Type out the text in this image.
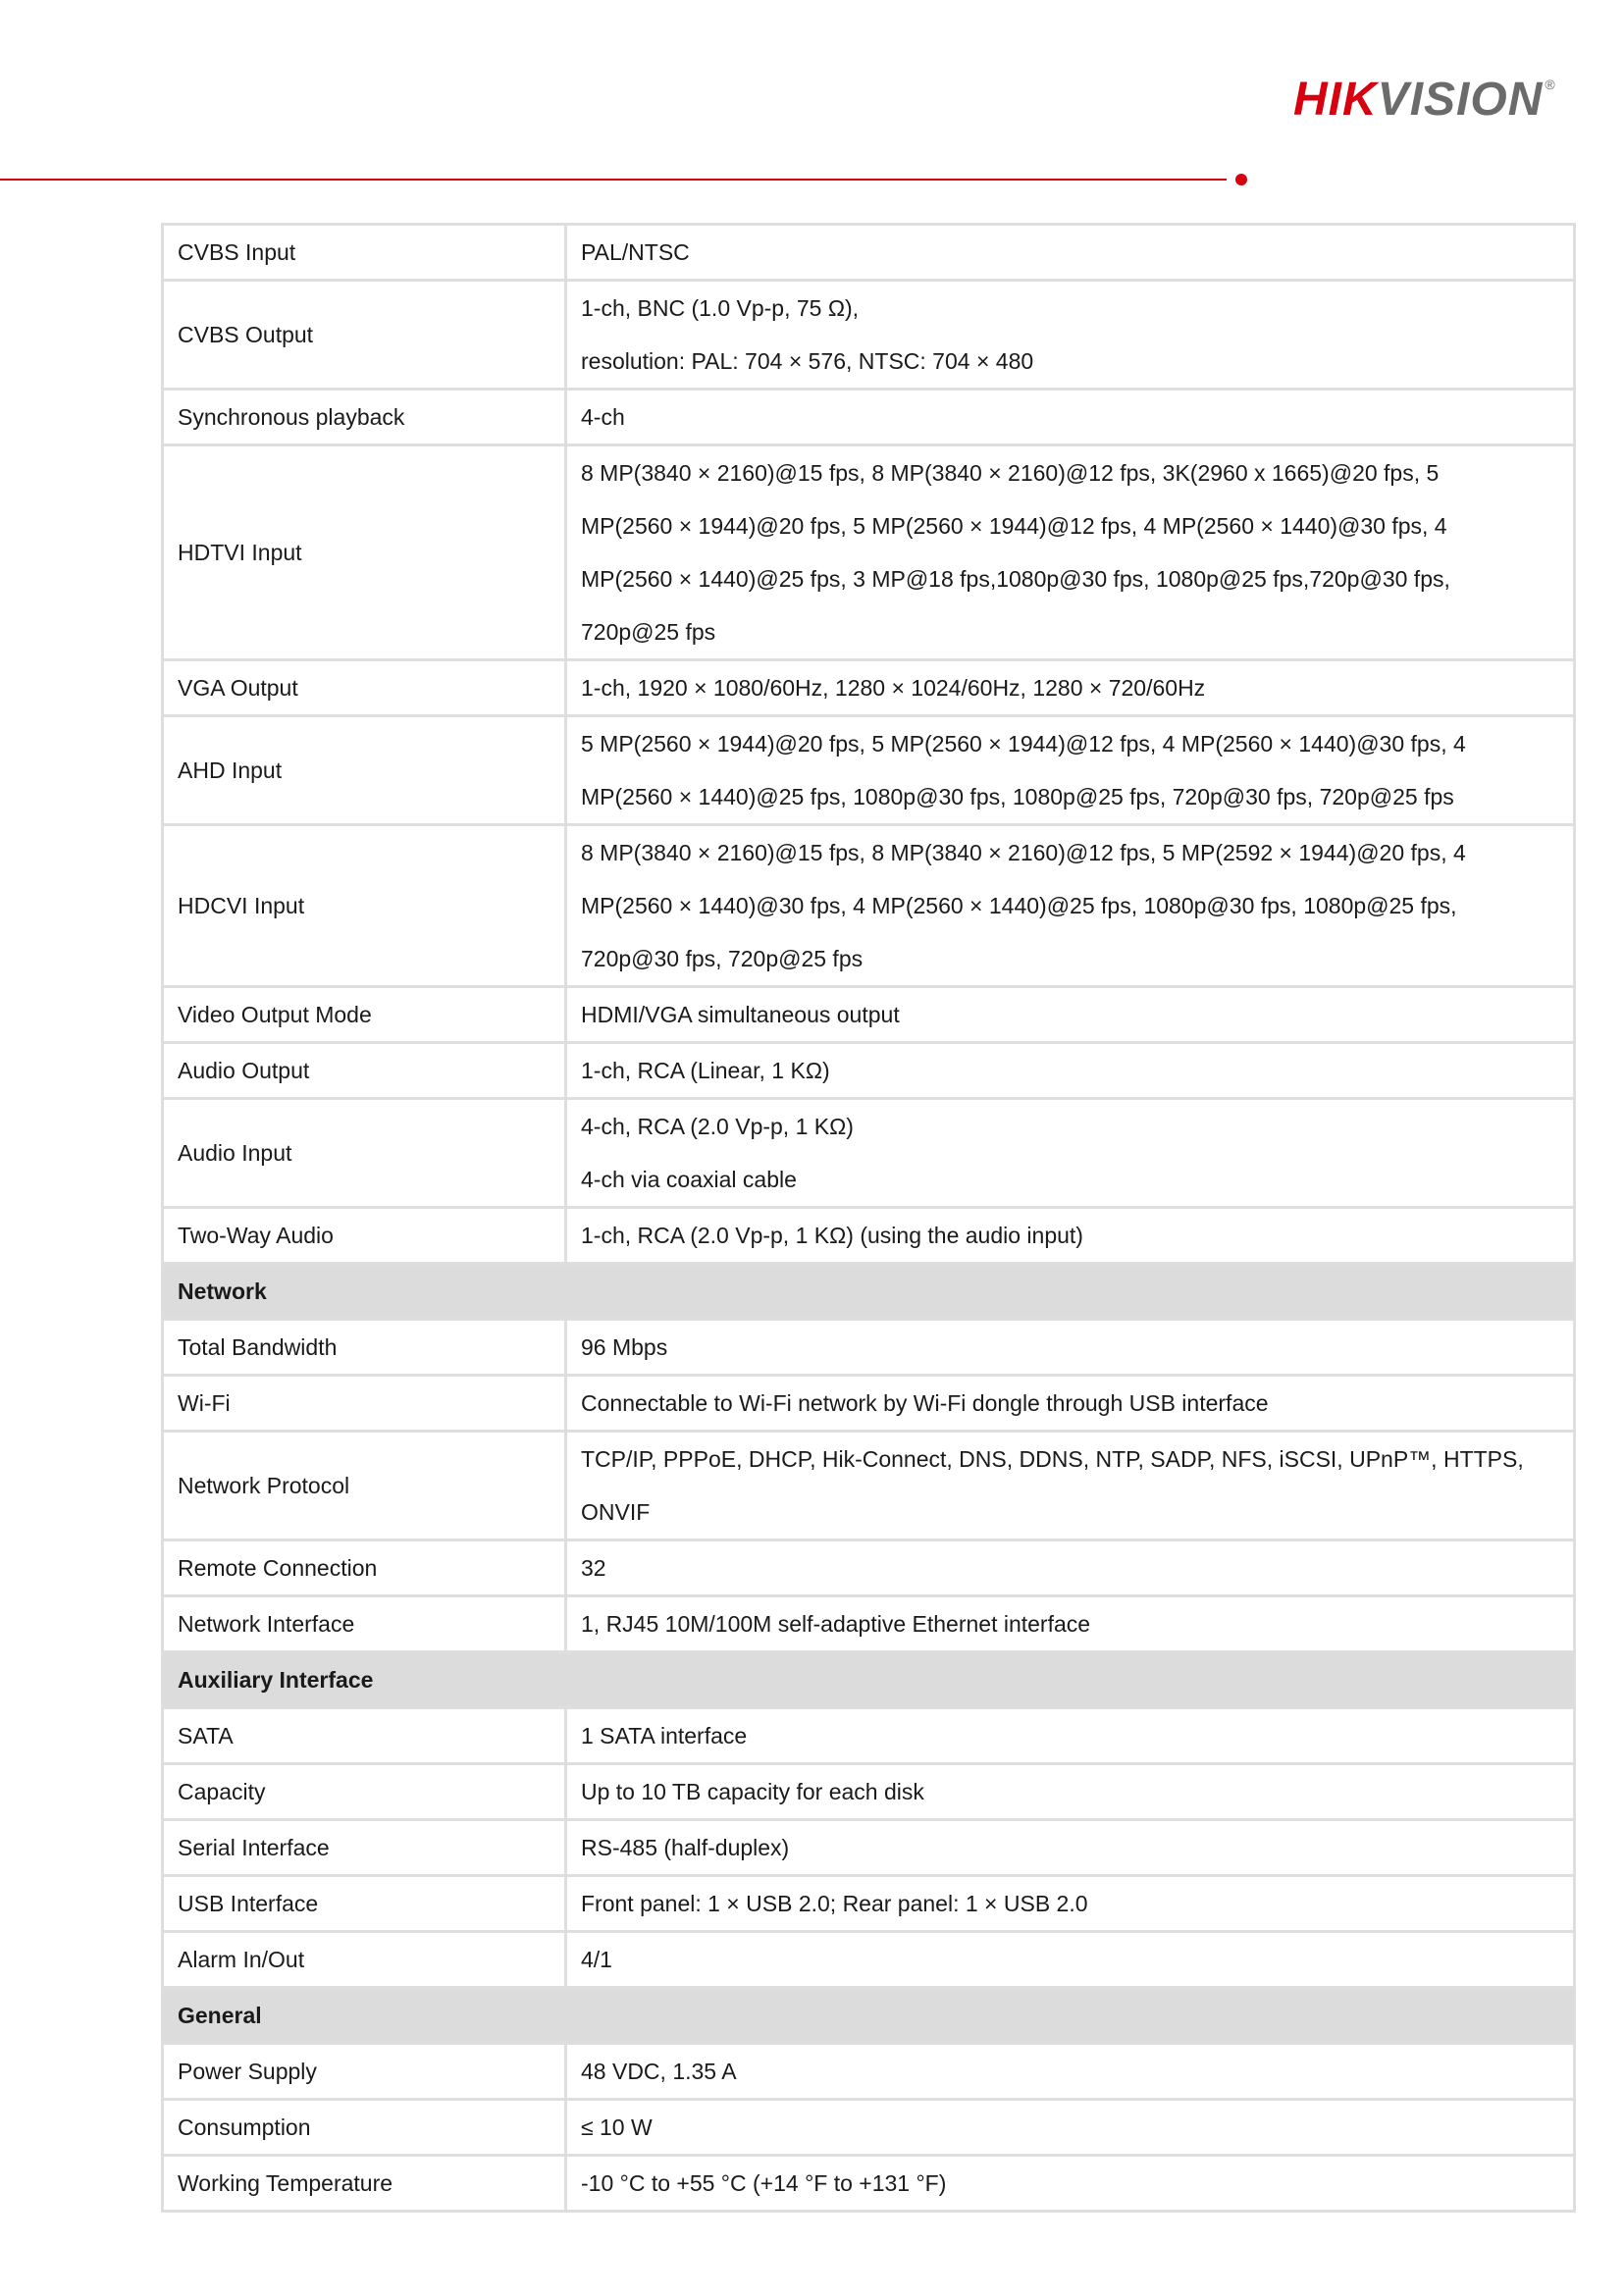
HIKVISION ®
CVBS Input	PAL/NTSC

CVBS Output	1-ch, BNC (1.0 Vp-p, 75 Ω),
resolution: PAL: 704 × 576, NTSC: 704 × 480

Synchronous playback	4-ch

HDTVI Input	8 MP(3840 × 2160)@15 fps, 8 MP(3840 × 2160)@12 fps, 3K(2960 x 1665)@20 fps, 5
MP(2560 × 1944)@20 fps, 5 MP(2560 × 1944)@12 fps, 4 MP(2560 × 1440)@30 fps, 4
MP(2560 × 1440)@25 fps, 3 MP@18 fps,1080p@30 fps, 1080p@25 fps,720p@30 fps,
720p@25 fps

VGA Output	1-ch, 1920 × 1080/60Hz, 1280 × 1024/60Hz, 1280 × 720/60Hz

AHD Input	5 MP(2560 × 1944)@20 fps, 5 MP(2560 × 1944)@12 fps, 4 MP(2560 × 1440)@30 fps, 4
MP(2560 × 1440)@25 fps, 1080p@30 fps, 1080p@25 fps, 720p@30 fps, 720p@25 fps

HDCVI Input	8 MP(3840 × 2160)@15 fps, 8 MP(3840 × 2160)@12 fps, 5 MP(2592 × 1944)@20 fps, 4
MP(2560 × 1440)@30 fps, 4 MP(2560 × 1440)@25 fps, 1080p@30 fps, 1080p@25 fps,
720p@30 fps, 720p@25 fps

Video Output Mode	HDMI/VGA simultaneous output

Audio Output	1-ch, RCA (Linear, 1 KΩ)

Audio Input	4-ch, RCA (2.0 Vp-p, 1 KΩ)
4-ch via coaxial cable

Two-Way Audio	1-ch, RCA (2.0 Vp-p, 1 KΩ) (using the audio input)

Network	
Total Bandwidth	96 Mbps

Wi-Fi	Connectable to Wi-Fi network by Wi-Fi dongle through USB interface

Network Protocol	TCP/IP, PPPoE, DHCP, Hik-Connect, DNS, DDNS, NTP, SADP, NFS, iSCSI, UPnP™, HTTPS,
ONVIF

Remote Connection	32

Network Interface	1, RJ45 10M/100M self-adaptive Ethernet interface

Auxiliary Interface	
SATA	1 SATA interface

Capacity	Up to 10 TB capacity for each disk

Serial Interface	RS-485 (half-duplex)

USB Interface	Front panel: 1 × USB 2.0; Rear panel: 1 × USB 2.0

Alarm In/Out	4/1

General	
Power Supply	48 VDC, 1.35 A

Consumption	≤ 10 W

Working Temperature	-10 °C to +55 °C (+14 °F to +131 °F)
